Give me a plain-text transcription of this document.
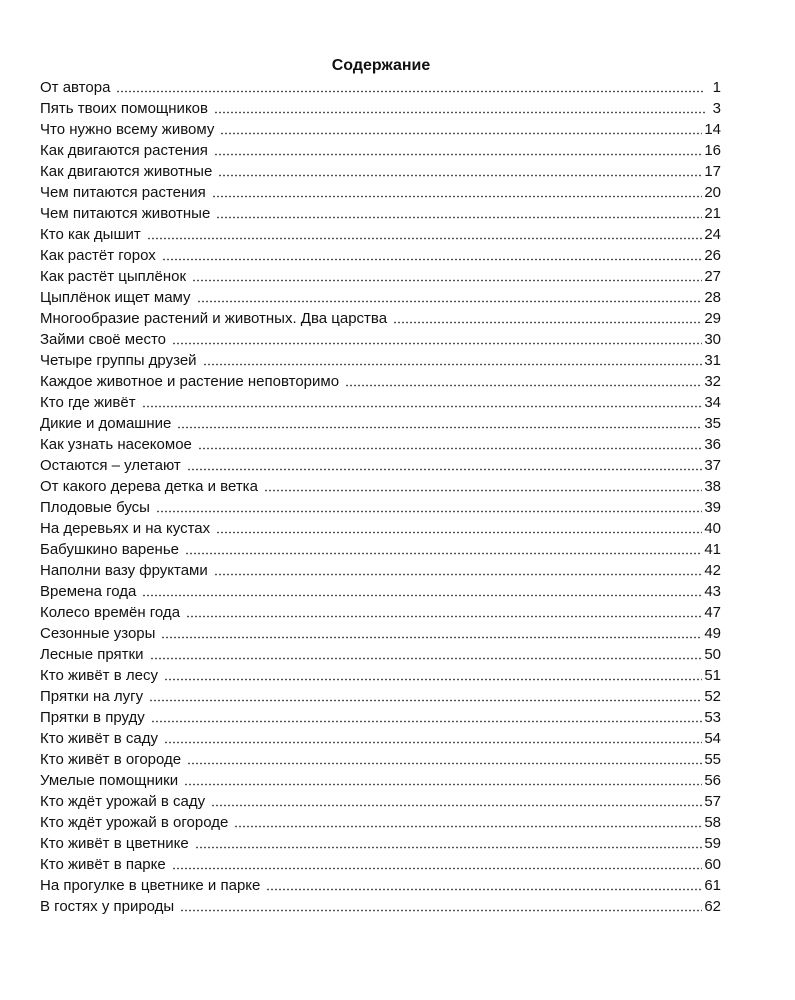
Содержание
От автора	1
Пять твоих помощников	3
Что нужно всему живому	14
Как двигаются растения	16
Как двигаются животные	17
Чем питаются растения	20
Чем питаются животные	21
Кто как дышит	24
Как растёт горох	26
Как растёт цыплёнок	27
Цыплёнок ищет маму	28
Многообразие растений и животных. Два царства	29
Займи своё место	30
Четыре группы друзей	31
Каждое животное и растение неповторимо	32
Кто где живёт	34
Дикие и домашние	35
Как узнать насекомое	36
Остаются – улетают	37
От какого дерева детка и ветка	38
Плодовые бусы	39
На деревьях и на кустах	40
Бабушкино варенье	41
Наполни вазу фруктами	42
Времена года	43
Колесо времён года	47
Сезонные узоры	49
Лесные прятки	50
Кто живёт в лесу	51
Прятки на лугу	52
Прятки в пруду	53
Кто живёт в саду	54
Кто живёт в огороде	55
Умелые помощники	56
Кто ждёт урожай в саду	57
Кто ждёт урожай в огороде	58
Кто живёт в цветнике	59
Кто живёт в парке	60
На прогулке в цветнике и парке	61
В гостях у природы	62
